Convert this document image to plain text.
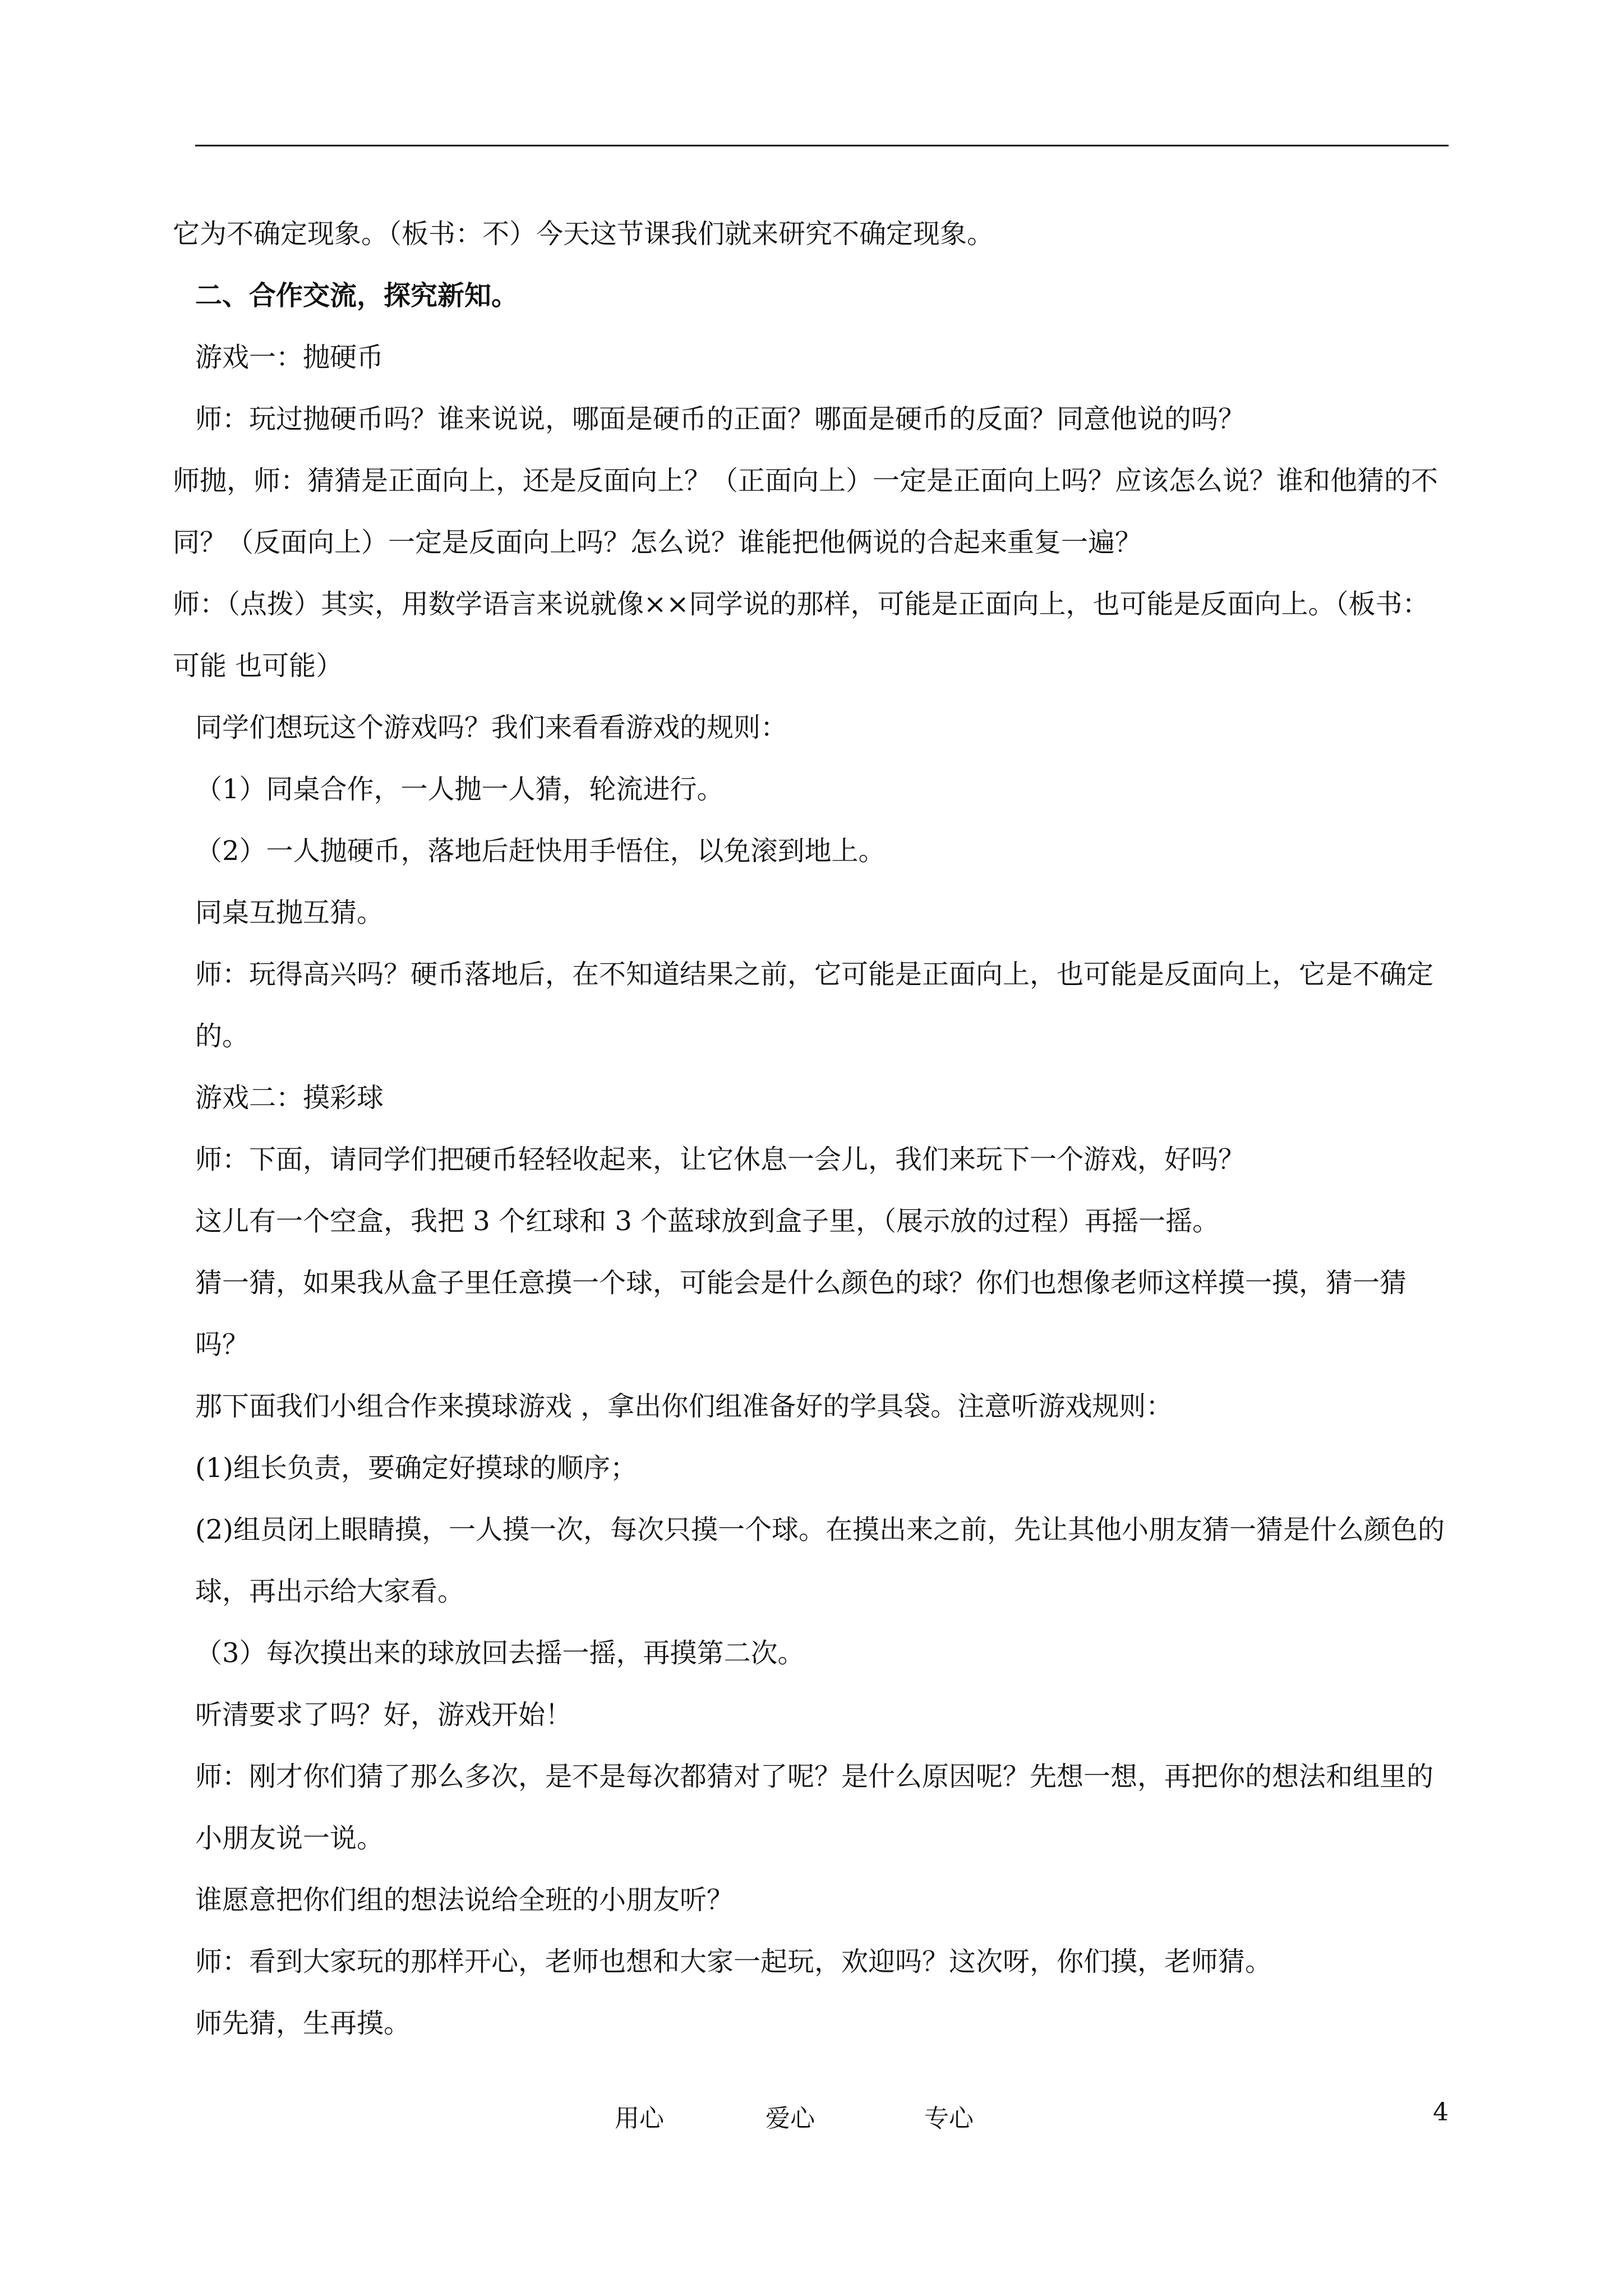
它为不确定现象。（板书：不）今天这节课我们就来研究不确定现象。

二、合作交流，探究新知。

游戏一：抛硬币

师：玩过抛硬币吗？谁来说说，哪面是硬币的正面？哪面是硬币的反面？同意他说的吗？

师抛，师：猜猜是正面向上，还是反面向上？（正面向上）一定是正面向上吗？应该怎么说？谁和他猜的不同？（反面向上）一定是反面向上吗？怎么说？谁能把他俩说的合起来重复一遍？

师：（点拨）其实，用数学语言来说就像××同学说的那样，可能是正面向上，也可能是反面向上。（板书：可能 也可能）

同学们想玩这个游戏吗？我们来看看游戏的规则：

（1）同桌合作，一人抛一人猜，轮流进行。

（2）一人抛硬币，落地后赶快用手悟住，以免滚到地上。

同桌互抛互猜。

师：玩得高兴吗？硬币落地后，在不知道结果之前，它可能是正面向上，也可能是反面向上，它是不确定的。

游戏二：摸彩球

师：下面，请同学们把硬币轻轻收起来，让它休息一会儿，我们来玩下一个游戏，好吗？

这儿有一个空盒，我把 3 个红球和 3 个蓝球放到盒子里，（展示放的过程）再摇一摇。

猜一猜，如果我从盒子里任意摸一个球，可能会是什么颜色的球？你们也想像老师这样摸一摸，猜一猜吗？

那下面我们小组合作来摸球游戏 ，拿出你们组准备好的学具袋。注意听游戏规则：

(1)组长负责，要确定好摸球的顺序；

(2)组员闭上眼睛摸，一人摸一次，每次只摸一个球。在摸出来之前，先让其他小朋友猜一猜是什么颜色的球，再出示给大家看。

（3）每次摸出来的球放回去摇一摇，再摸第二次。

听清要求了吗？好，游戏开始！

师：刚才你们猜了那么多次，是不是每次都猜对了呢？是什么原因呢？先想一想，再把你的想法和组里的小朋友说一说。

谁愿意把你们组的想法说给全班的小朋友听？

师：看到大家玩的那样开心，老师也想和大家一起玩，欢迎吗？这次呀，你们摸，老师猜。

师先猜，生再摸。

用心	爱心	专心	4
